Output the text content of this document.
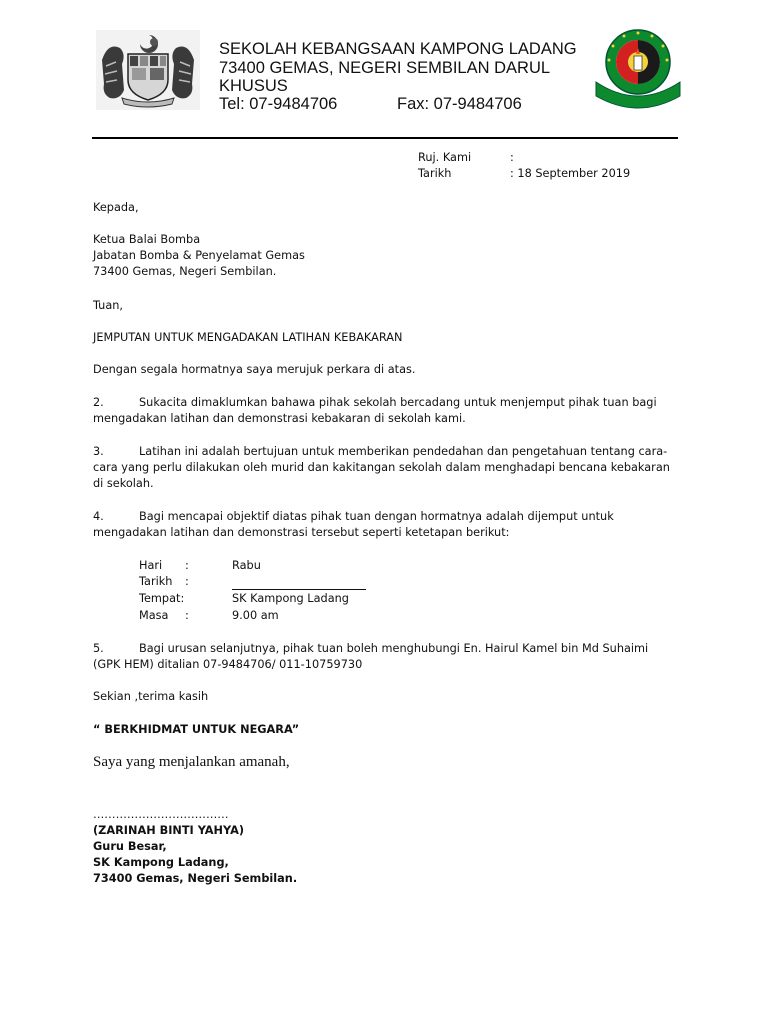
SEKOLAH KEBANGSAAN KAMPONG LADANG
73400 GEMAS, NEGERI SEMBILAN DARUL
KHUSUS
Tel: 07-9484706	Fax: 07-9484706
Ruj. Kami	:
Tarikh	: 18 September 2019
Kepada,
Ketua Balai Bomba
Jabatan Bomba & Penyelamat Gemas
73400 Gemas, Negeri Sembilan.
Tuan,
JEMPUTAN UNTUK MENGADAKAN LATIHAN KEBAKARAN
Dengan segala hormatnya saya merujuk perkara di atas.
2.	Sukacita dimaklumkan bahawa pihak sekolah bercadang untuk menjemput pihak tuan bagi
mengadakan latihan dan demonstrasi kebakaran di sekolah kami.
3.	Latihan ini adalah bertujuan untuk memberikan pendedahan dan pengetahuan tentang cara-
cara yang perlu dilakukan oleh murid dan kakitangan sekolah dalam menghadapi bencana kebakaran
di sekolah.
4.	Bagi mencapai objektif diatas pihak tuan dengan hormatnya adalah dijemput untuk
mengadakan latihan dan demonstrasi tersebut seperti ketetapan berikut:
Hari :	Rabu
Tarikh :
Tempat:	SK Kampong Ladang
Masa :	9.00 am
5.	Bagi urusan selanjutnya, pihak tuan boleh menghubungi En. Hairul Kamel bin Md Suhaimi
(GPK HEM) ditalian 07-9484706/ 011-10759730
Sekian ,terima kasih
“ BERKHIDMAT UNTUK NEGARA”
Saya yang menjalankan amanah,
………………………………
(ZARINAH BINTI YAHYA)
Guru Besar,
SK Kampong Ladang,
73400 Gemas, Negeri Sembilan.
